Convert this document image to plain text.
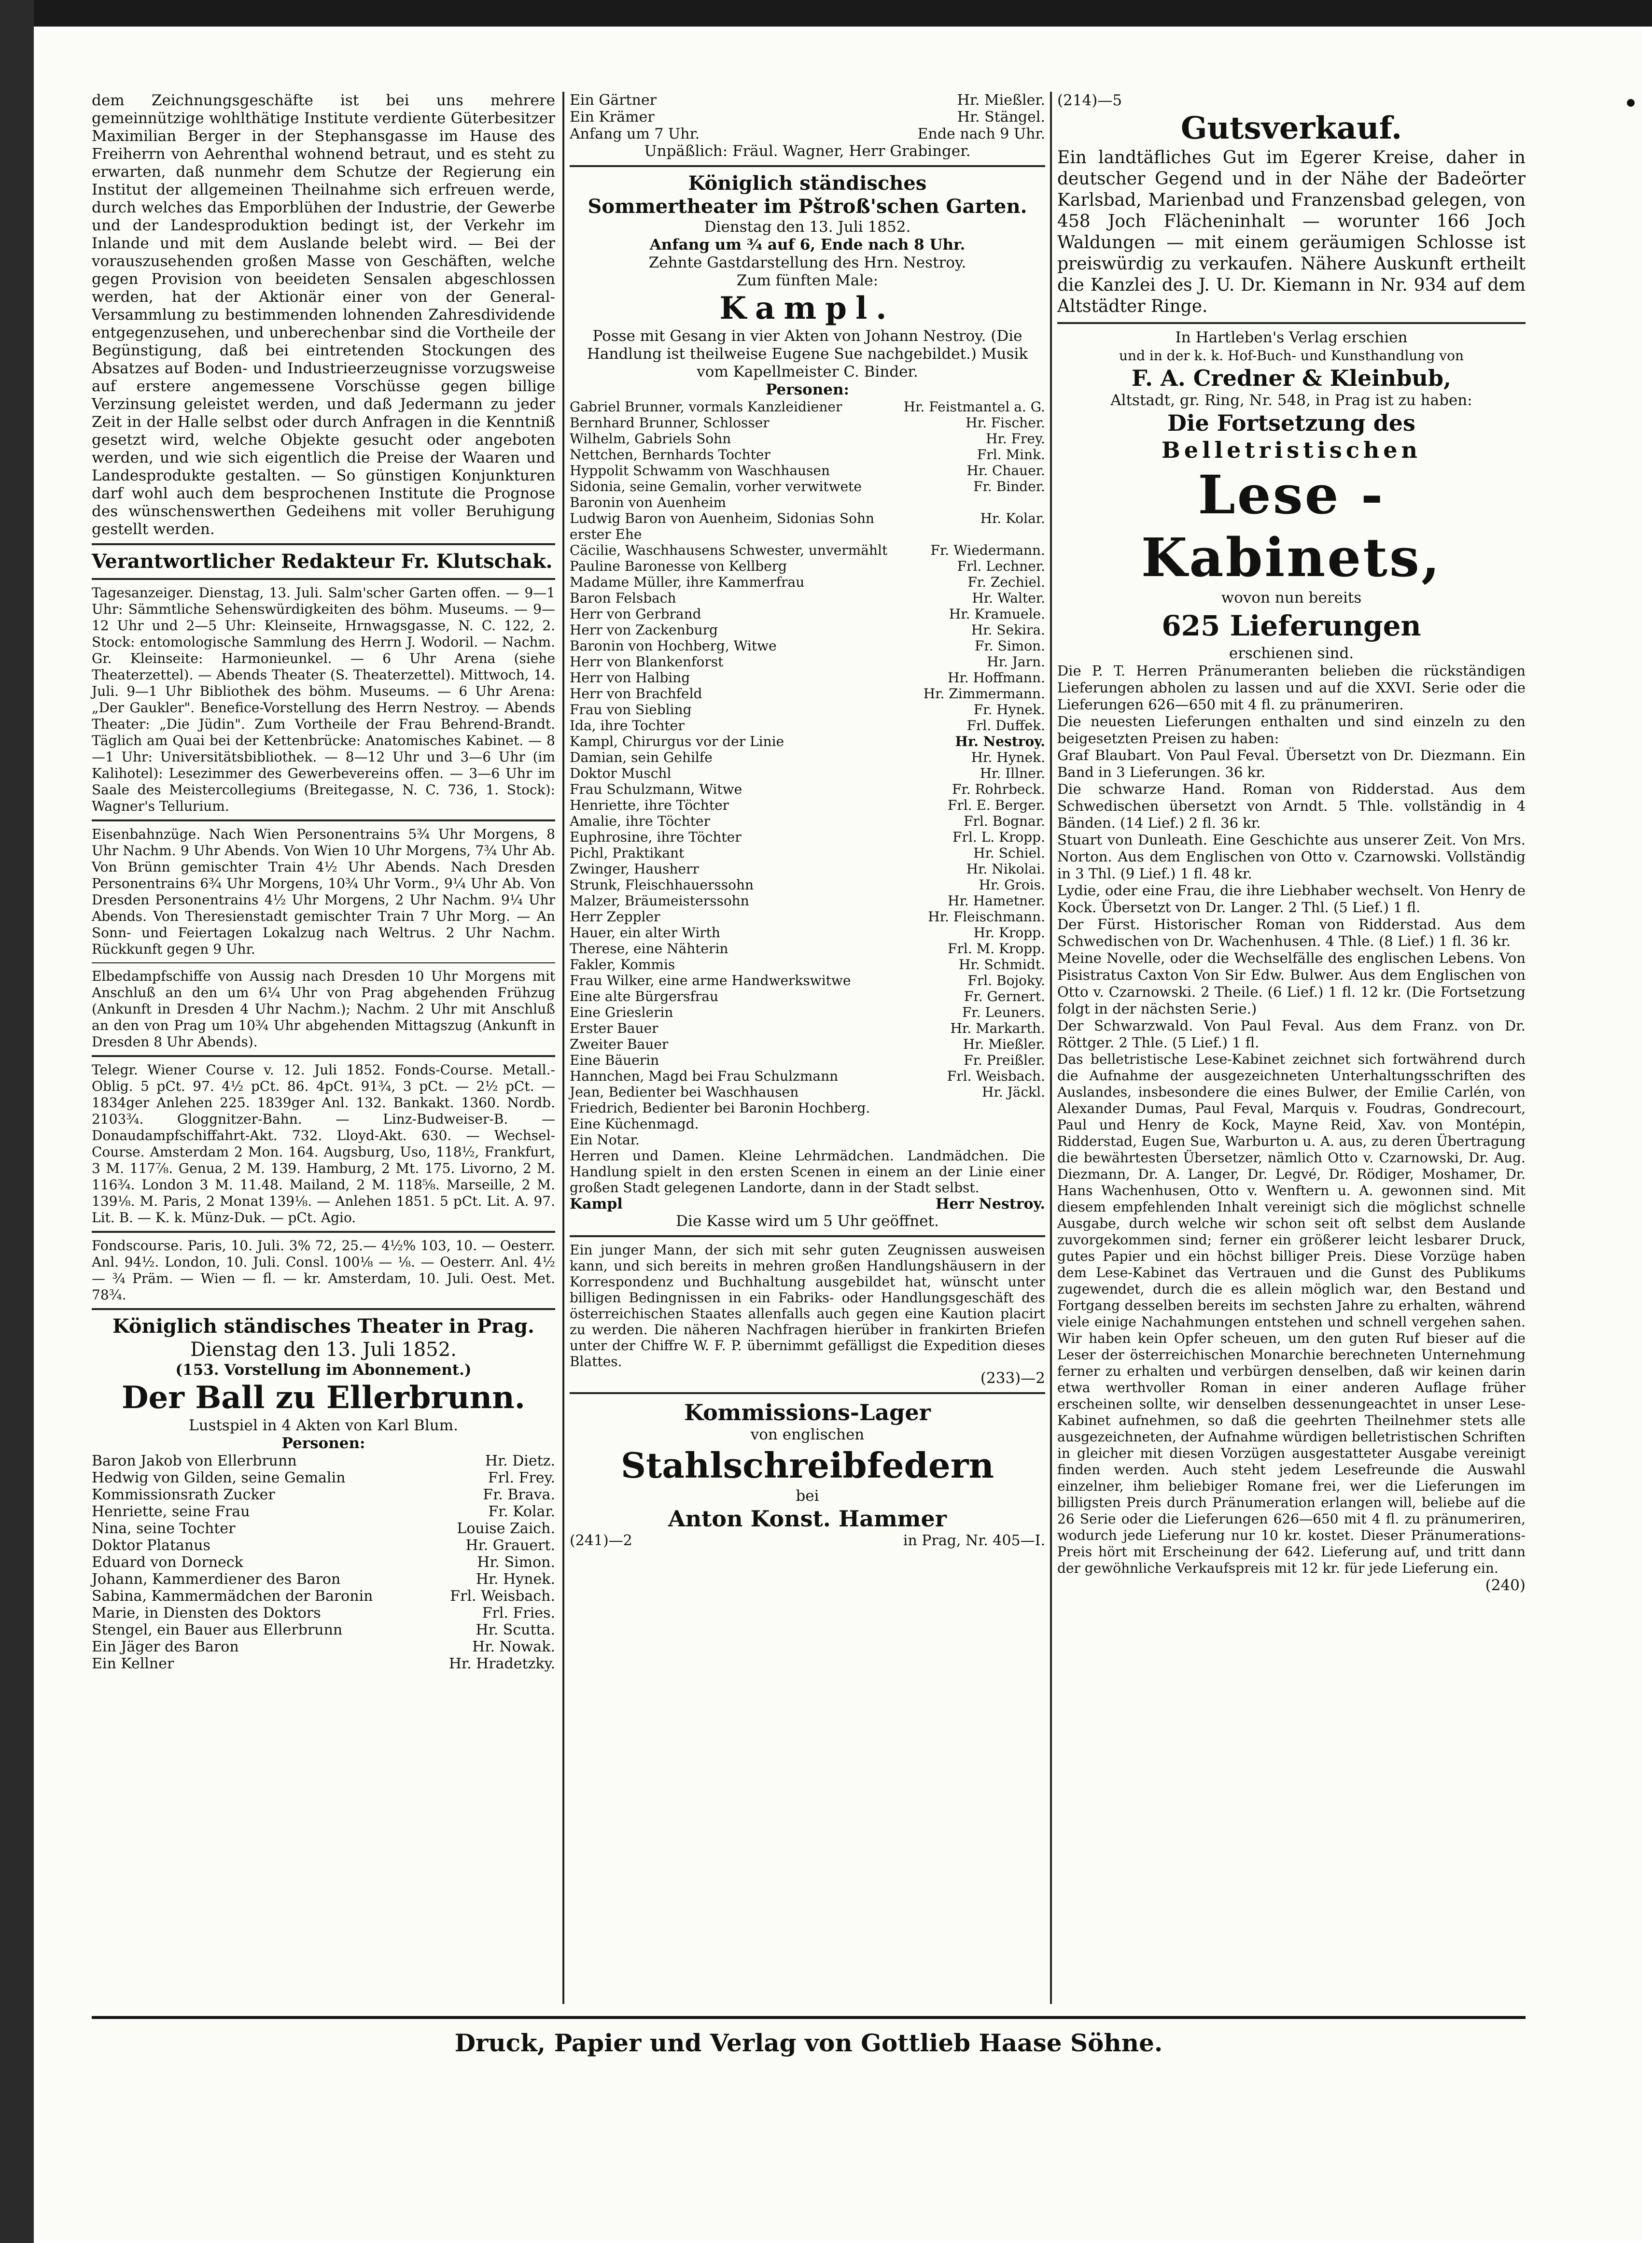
dem Zeichnungsgeschäfte ist bei uns mehrere gemeinnützige wohlthätige Institute verdiente Güterbesitzer Maximilian Berger in der Stephansgasse im Hause des Freiherrn von Aehrenthal wohnend betraut, und es steht zu erwarten, daß nunmehr dem Schutze der Regierung ein Institut der allgemeinen Theilnahme sich erfreuen werde, durch welches das Emporblühen der Industrie, der Gewerbe und der Landesproduktion bedingt ist, der Verkehr im Inlande und mit dem Auslande belebt wird. — Bei der vorauszusehenden großen Masse von Geschäften, welche gegen Provision von beeideten Sensalen abgeschlossen werden, hat der Aktionär einer von der General-Versammlung zu bestimmenden lohnenden Zahresdividende entgegenzusehen, und unberechenbar sind die Vortheile der Begünstigung, daß bei eintretenden Stockungen des Absatzes auf Boden- und Industrieerzeugnisse vorzugsweise auf erstere angemessene Vorschüsse gegen billige Verzinsung geleistet werden, und daß Jedermann zu jeder Zeit in der Halle selbst oder durch Anfragen in die Kenntniß gesetzt wird, welche Objekte gesucht oder angeboten werden, und wie sich eigentlich die Preise der Waaren und Landesprodukte gestalten. — So günstigen Konjunkturen darf wohl auch dem besprochenen Institute die Prognose des wünschenswerthen Gedeihens mit voller Beruhigung gestellt werden.

Verantwortlicher Redakteur Fr. Klutschak.

Tagesanzeiger. Dienstag, 13. Juli. Salm'scher Garten offen. — 9—1 Uhr: Sämmtliche Sehenswürdigkeiten des böhm. Museums. — 9—12 Uhr und 2—5 Uhr: Kleinseite, Hrnwagsgasse, N. C. 122, 2. Stock: entomologische Sammlung des Herrn J. Wodoril. — Nachm. Gr. Kleinseite: Harmonieunkel. — 6 Uhr Arena (siehe Theaterzettel). — Abends Theater (S. Theaterzettel). Mittwoch, 14. Juli. 9—1 Uhr Bibliothek des böhm. Museums. — 6 Uhr Arena: „Der Gaukler". Benefice-Vorstellung des Herrn Nestroy. — Abends Theater: „Die Jüdin". Zum Vortheile der Frau Behrend-Brandt. Täglich am Quai bei der Kettenbrücke: Anatomisches Kabinet. — 8—1 Uhr: Universitätsbibliothek. — 8—12 Uhr und 3—6 Uhr (im Kalihotel): Lesezimmer des Gewerbevereins offen. — 3—6 Uhr im Saale des Meistercollegiums (Breitegasse, N. C. 736, 1. Stock): Wagner's Tellurium.

Eisenbahnzüge. Nach Wien Personentrains 5¾ Uhr Morgens, 8 Uhr Nachm. 9 Uhr Abends. Von Wien 10 Uhr Morgens, 7¾ Uhr Ab. Von Brünn gemischter Train 4½ Uhr Abends. Nach Dresden Personentrains 6¾ Uhr Morgens, 10¾ Uhr Vorm., 9¼ Uhr Ab. Von Dresden Personentrains 4½ Uhr Morgens, 2 Uhr Nachm. 9¼ Uhr Abends. Von Theresienstadt gemischter Train 7 Uhr Morg. — An Sonn- und Feiertagen Lokalzug nach Weltrus. 2 Uhr Nachm. Rückkunft gegen 9 Uhr.

Elbedampfschiffe von Aussig nach Dresden 10 Uhr Morgens mit Anschluß an den um 6¼ Uhr von Prag abgehenden Frühzug (Ankunft in Dresden 4 Uhr Nachm.); Nachm. 2 Uhr mit Anschluß an den von Prag um 10¾ Uhr abgehenden Mittagszug (Ankunft in Dresden 8 Uhr Abends).

Telegr. Wiener Course v. 12. Juli 1852. Fonds-Course. Metall.-Oblig. 5 pCt. 97. 4½ pCt. 86. 4pCt. 91¾, 3 pCt. — 2½ pCt. — 1834ger Anlehen 225. 1839ger Anl. 132. Bankakt. 1360. Nordb. 2103¾. Gloggnitzer-Bahn. — Linz-Budweiser-B. — Donaudampfschiffahrt-Akt. 732. Lloyd-Akt. 630. — Wechsel-Course. Amsterdam 2 Mon. 164. Augsburg, Uso, 118½, Frankfurt, 3 M. 117⅞. Genua, 2 M. 139. Hamburg, 2 Mt. 175. Livorno, 2 M. 116¾. London 3 M. 11.48. Mailand, 2 M. 118⅝. Marseille, 2 M. 139⅛. M. Paris, 2 Monat 139⅛. — Anlehen 1851. 5 pCt. Lit. A. 97. Lit. B. — K. k. Münz-Duk. — pCt. Agio.

Fondscourse. Paris, 10. Juli. 3% 72, 25.— 4½% 103, 10. — Oesterr. Anl. 94½. London, 10. Juli. Consl. 100⅛ — ⅛. — Oesterr. Anl. 4½ — ¾ Präm. — Wien — fl. — kr. Amsterdam, 10. Juli. Oest. Met. 78¾.

Königlich ständisches Theater in Prag.

Dienstag den 13. Juli 1852.

(153. Vorstellung im Abonnement.)

Der Ball zu Ellerbrunn.

Lustspiel in 4 Akten von Karl Blum.

Personen:

Baron Jakob von Ellerbrunn	Hr. Dietz.
Hedwig von Gilden, seine Gemalin	Frl. Frey.
Kommissionsrath Zucker	Fr. Brava.
Henriette, seine Frau	Fr. Kolar.
Nina, seine Tochter	Louise Zaich.
Doktor Platanus	Hr. Grauert.
Eduard von Dorneck	Hr. Simon.
Johann, Kammerdiener des Baron	Hr. Hynek.
Sabina, Kammermädchen der Baronin	Frl. Weisbach.
Marie, in Diensten des Doktors	Frl. Fries.
Stengel, ein Bauer aus Ellerbrunn	Hr. Scutta.
Ein Jäger des Baron	Hr. Nowak.
Ein Kellner	Hr. Hradetzky.
Ein Gärtner	Hr. Mießler.
Ein Krämer	Hr. Stängel.
Anfang um 7 Uhr.	Ende nach 9 Uhr.

Unpäßlich: Fräul. Wagner, Herr Grabinger.

Königlich ständisches

Sommertheater im Pštroß'schen Garten.

Dienstag den 13. Juli 1852.

Anfang um ¾ auf 6, Ende nach 8 Uhr.

Zehnte Gastdarstellung des Hrn. Nestroy.

Zum fünften Male:

Kampl.

Posse mit Gesang in vier Akten von Johann Nestroy. (Die Handlung ist theilweise Eugene Sue nachgebildet.) Musik vom Kapellmeister C. Binder.

Personen:

Gabriel Brunner, vormals Kanzleidiener	Hr. Feistmantel a. G.
Bernhard Brunner, Schlosser	Hr. Fischer.
Wilhelm, Gabriels Sohn	Hr. Frey.
Nettchen, Bernhards Tochter	Frl. Mink.
Hyppolit Schwamm von Waschhausen	Hr. Chauer.
Sidonia, seine Gemalin, vorher verwitwete Baronin von Auenheim	Fr. Binder.
Ludwig Baron von Auenheim, Sidonias Sohn erster Ehe	Hr. Kolar.
Cäcilie, Waschhausens Schwester, unvermählt	Fr. Wiedermann.
Pauline Baronesse von Kellberg	Frl. Lechner.
Madame Müller, ihre Kammerfrau	Fr. Zechiel.
Baron Felsbach	Hr. Walter.
Herr von Gerbrand	Hr. Kramuele.
Herr von Zackenburg	Hr. Sekira.
Baronin von Hochberg, Witwe	Fr. Simon.
Herr von Blankenforst	Hr. Jarn.
Herr von Halbing	Hr. Hoffmann.
Herr von Brachfeld	Hr. Zimmermann.
Frau von Siebling	Fr. Hynek.
Ida, ihre Tochter	Frl. Duffek.
Kampl, Chirurgus vor der Linie	Hr. Nestroy.
Damian, sein Gehilfe	Hr. Hynek.
Doktor Muschl	Hr. Illner.
Frau Schulzmann, Witwe	Fr. Rohrbeck.
Henriette, ihre Töchter	Frl. E. Berger.
Amalie, ihre Töchter	Frl. Bognar.
Euphrosine, ihre Töchter	Frl. L. Kropp.
Pichl, Praktikant	Hr. Schiel.
Zwinger, Hausherr	Hr. Nikolai.
Strunk, Fleischhauerssohn	Hr. Grois.
Malzer, Bräumeisterssohn	Hr. Hametner.
Herr Zeppler	Hr. Fleischmann.
Hauer, ein alter Wirth	Hr. Kropp.
Therese, eine Nähterin	Frl. M. Kropp.
Fakler, Kommis	Hr. Schmidt.
Frau Wilker, eine arme Handwerkswitwe	Frl. Bojoky.
Eine alte Bürgersfrau	Fr. Gernert.
Eine Grieslerin	Fr. Leuners.
Erster Bauer	Hr. Markarth.
Zweiter Bauer	Hr. Mießler.
Eine Bäuerin	Fr. Preißler.
Hannchen, Magd bei Frau Schulzmann	Frl. Weisbach.
Jean, Bedienter bei Waschhausen	Hr. Jäckl.
Friedrich, Bedienter bei Baronin Hochberg.	
Eine Küchenmagd.	
Ein Notar.	

Herren und Damen. Kleine Lehrmädchen. Landmädchen. Die Handlung spielt in den ersten Scenen in einem an der Linie einer großen Stadt gelegenen Landorte, dann in der Stadt selbst.

Kampl	Herr Nestroy.

Die Kasse wird um 5 Uhr geöffnet.

Ein junger Mann, der sich mit sehr guten Zeugnissen ausweisen kann, und sich bereits in mehren großen Handlungshäusern in der Korrespondenz und Buchhaltung ausgebildet hat, wünscht unter billigen Bedingnissen in ein Fabriks- oder Handlungsgeschäft des österreichischen Staates allenfalls auch gegen eine Kaution placirt zu werden. Die näheren Nachfragen hierüber in frankirten Briefen unter der Chiffre W. F. P. übernimmt gefälligst die Expedition dieses Blattes.

(233)—2

Kommissions-Lager

von englischen

Stahlschreibfedern

bei

Anton Konst. Hammer

(241)—2	in Prag, Nr. 405—I.

(214)—5

Gutsverkauf.

Ein landtäfliches Gut im Egerer Kreise, daher in deutscher Gegend und in der Nähe der Badeörter Karlsbad, Marienbad und Franzensbad gelegen, von 458 Joch Flächeninhalt — worunter 166 Joch Waldungen — mit einem geräumigen Schlosse ist preiswürdig zu verkaufen. Nähere Auskunft ertheilt die Kanzlei des J. U. Dr. Kiemann in Nr. 934 auf dem Altstädter Ringe.

In Hartleben's Verlag erschien

und in der k. k. Hof-Buch- und Kunsthandlung von

F. A. Credner & Kleinbub,

Altstadt, gr. Ring, Nr. 548, in Prag ist zu haben:

Die Fortsetzung des

Belletristischen

Lese - Kabinets,

wovon nun bereits

625 Lieferungen

erschienen sind.

Die P. T. Herren Pränumeranten belieben die rückständigen Lieferungen abholen zu lassen und auf die XXVI. Serie oder die Lieferungen 626—650 mit 4 fl. zu pränumeriren.

Die neuesten Lieferungen enthalten und sind einzeln zu den beigesetzten Preisen zu haben:

Graf Blaubart. Von Paul Feval. Übersetzt von Dr. Diezmann. Ein Band in 3 Lieferungen. 36 kr.

Die schwarze Hand. Roman von Ridderstad. Aus dem Schwedischen übersetzt von Arndt. 5 Thle. vollständig in 4 Bänden. (14 Lief.) 2 fl. 36 kr.

Stuart von Dunleath. Eine Geschichte aus unserer Zeit. Von Mrs. Norton. Aus dem Englischen von Otto v. Czarnowski. Vollständig in 3 Thl. (9 Lief.) 1 fl. 48 kr.

Lydie, oder eine Frau, die ihre Liebhaber wechselt. Von Henry de Kock. Übersetzt von Dr. Langer. 2 Thl. (5 Lief.) 1 fl.

Der Fürst. Historischer Roman von Ridderstad. Aus dem Schwedischen von Dr. Wachenhusen. 4 Thle. (8 Lief.) 1 fl. 36 kr.

Meine Novelle, oder die Wechselfälle des englischen Lebens. Von Pisistratus Caxton Von Sir Edw. Bulwer. Aus dem Englischen von Otto v. Czarnowski. 2 Theile. (6 Lief.) 1 fl. 12 kr. (Die Fortsetzung folgt in der nächsten Serie.)

Der Schwarzwald. Von Paul Feval. Aus dem Franz. von Dr. Röttger. 2 Thle. (5 Lief.) 1 fl.

Das belletristische Lese-Kabinet zeichnet sich fortwährend durch die Aufnahme der ausgezeichneten Unterhaltungsschriften des Auslandes, insbesondere die eines Bulwer, der Emilie Carlén, von Alexander Dumas, Paul Feval, Marquis v. Foudras, Gondrecourt, Paul und Henry de Kock, Mayne Reid, Xav. von Montépin, Ridderstad, Eugen Sue, Warburton u. A. aus, zu deren Übertragung die bewährtesten Übersetzer, nämlich Otto v. Czarnowski, Dr. Aug. Diezmann, Dr. A. Langer, Dr. Legvé, Dr. Rödiger, Moshamer, Dr. Hans Wachenhusen, Otto v. Wenftern u. A. gewonnen sind. Mit diesem empfehlenden Inhalt vereinigt sich die möglichst schnelle Ausgabe, durch welche wir schon seit oft selbst dem Auslande zuvorgekommen sind; ferner ein größerer leicht lesbarer Druck, gutes Papier und ein höchst billiger Preis. Diese Vorzüge haben dem Lese-Kabinet das Vertrauen und die Gunst des Publikums zugewendet, durch die es allein möglich war, den Bestand und Fortgang desselben bereits im sechsten Jahre zu erhalten, während viele einige Nachahmungen entstehen und schnell vergehen sahen. Wir haben kein Opfer scheuen, um den guten Ruf bieser auf die Leser der österreichischen Monarchie berechneten Unternehmung ferner zu erhalten und verbürgen denselben, daß wir keinen darin etwa werthvoller Roman in einer anderen Auflage früher erscheinen sollte, wir denselben dessenungeachtet in unser Lese-Kabinet aufnehmen, so daß die geehrten Theilnehmer stets alle ausgezeichneten, der Aufnahme würdigen belletristischen Schriften in gleicher mit diesen Vorzügen ausgestatteter Ausgabe vereinigt finden werden. Auch steht jedem Lesefreunde die Auswahl einzelner, ihm beliebiger Romane frei, wer die Lieferungen im billigsten Preis durch Pränumeration erlangen will, beliebe auf die 26 Serie oder die Lieferungen 626—650 mit 4 fl. zu pränumeriren, wodurch jede Lieferung nur 10 kr. kostet. Dieser Pränumerations-Preis hört mit Erscheinung der 642. Lieferung auf, und tritt dann der gewöhnliche Verkaufspreis mit 12 kr. für jede Lieferung ein.

(240)

Druck, Papier und Verlag von Gottlieb Haase Söhne.
